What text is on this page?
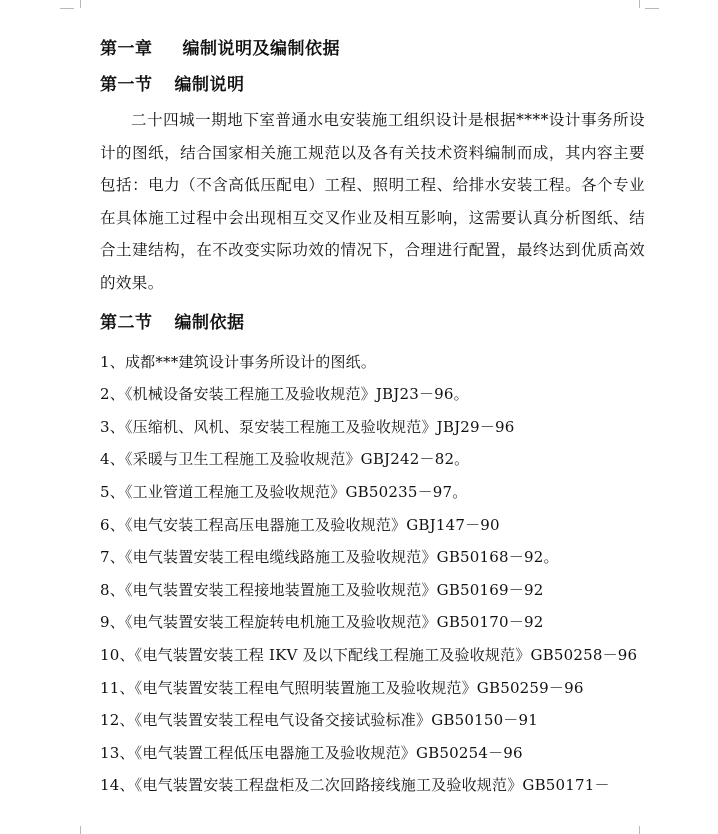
第一章 编制说明及编制依据
第一节 编制说明

二十四城一期地下室普通水电安装施工组织设计是根据****设计事务所设计的图纸，结合国家相关施工规范以及各有关技术资料编制而成，其内容主要包括：电力（不含高低压配电）工程、照明工程、给排水安装工程。各个专业在具体施工过程中会出现相互交叉作业及相互影响，这需要认真分析图纸、结合土建结构，在不改变实际功效的情况下，合理进行配置，最终达到优质高效的效果。

第二节 编制依据
1、成都***建筑设计事务所设计的图纸。
2、《机械设备安装工程施工及验收规范》JBJ23－96。
3、《压缩机、风机、泵安装工程施工及验收规范》JBJ29－96
4、《采暖与卫生工程施工及验收规范》GBJ242－82。
5、《工业管道工程施工及验收规范》GB50235－97。
6、《电气安装工程高压电器施工及验收规范》GBJ147－90
7、《电气装置安装工程电缆线路施工及验收规范》GB50168－92。
8、《电气装置安装工程接地装置施工及验收规范》GB50169－92
9、《电气装置安装工程旋转电机施工及验收规范》GB50170－92
10、《电气装置安装工程 IKV 及以下配线工程施工及验收规范》GB50258－96
11、《电气装置安装工程电气照明装置施工及验收规范》GB50259－96
12、《电气装置安装工程电气设备交接试验标准》GB50150－91
13、《电气装置工程低压电器施工及验收规范》GB50254－96
14、《电气装置安装工程盘柜及二次回路接线施工及验收规范》GB50171－
